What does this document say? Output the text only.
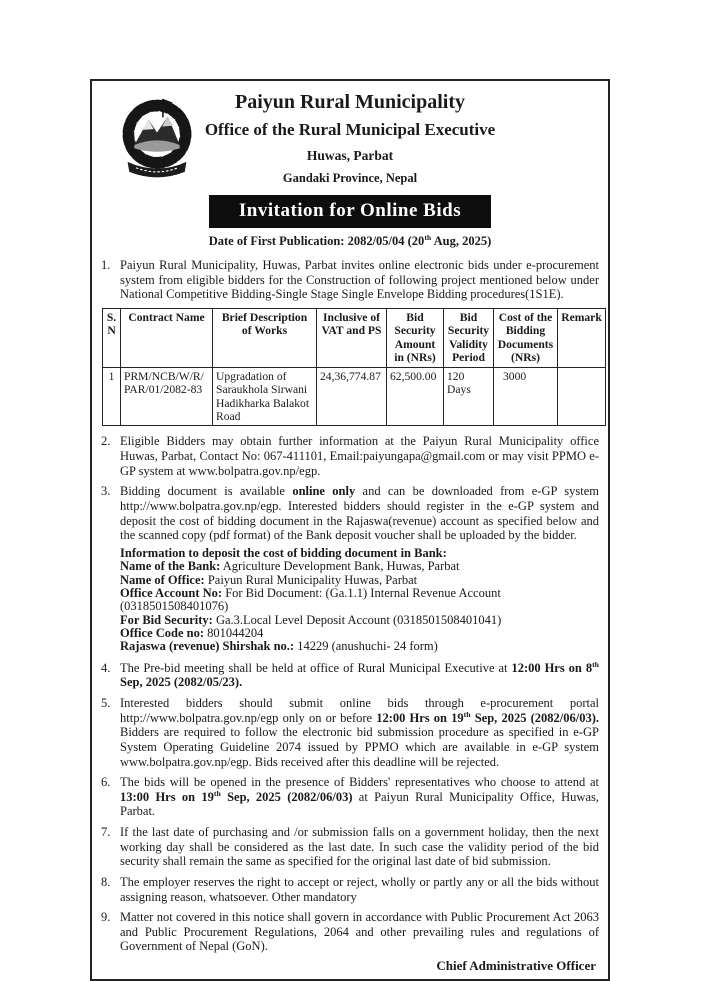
Paiyun Rural Municipality
Office of the Rural Municipal Executive
Huwas, Parbat
Gandaki Province, Nepal
Invitation for Online Bids
Date of First Publication: 2082/05/04 (20th Aug, 2025)
1. Paiyun Rural Municipality, Huwas, Parbat invites online electronic bids under e-procurement system from eligible bidders for the Construction of following project mentioned below under National Competitive Bidding-Single Stage Single Envelope Bidding procedures(1S1E).
S. N	Contract Name	Brief Description of Works	Inclusive of VAT and PS	Bid Security Amount in (NRs)	Bid Security Validity Period	Cost of the Bidding Documents (NRs)	Remark
1	PRM/NCB/W/R/ PAR/01/2082-83	Upgradation of Saraukhola Sirwani Hadikharka Balakot Road	24,36,774.87	62,500.00	120 Days	3000	
2. Eligible Bidders may obtain further information at the Paiyun Rural Municipality office Huwas, Parbat, Contact No: 067-411101, Email:paiyungapa@gmail.com or may visit PPMO e-GP system at www.bolpatra.gov.np/egp.
3. Bidding document is available online only and can be downloaded from e-GP system http://www.bolpatra.gov.np/egp. Interested bidders should register in the e-GP system and deposit the cost of bidding document in the Rajaswa(revenue) account as specified below and the scanned copy (pdf format) of the Bank deposit voucher shall be uploaded by the bidder.
Information to deposit the cost of bidding document in Bank:
Name of the Bank: Agriculture Development Bank, Huwas, Parbat
Name of Office: Paiyun Rural Municipality Huwas, Parbat
Office Account No: For Bid Document: (Ga.1.1) Internal Revenue Account (0318501508401076)
For Bid Security: Ga.3.Local Level Deposit Account (0318501508401041)
Office Code no: 801044204
Rajaswa (revenue) Shirshak no.: 14229 (anushuchi- 24 form)
4. The Pre-bid meeting shall be held at office of Rural Municipal Executive at 12:00 Hrs on 8th Sep, 2025 (2082/05/23).
5. Interested bidders should submit online bids through e-procurement portal http://www.bolpatra.gov.np/egp only on or before 12:00 Hrs on 19th Sep, 2025 (2082/06/03). Bidders are required to follow the electronic bid submission procedure as specified in e-GP System Operating Guideline 2074 issued by PPMO which are available in e-GP system www.bolpatra.gov.np/egp. Bids received after this deadline will be rejected.
6. The bids will be opened in the presence of Bidders' representatives who choose to attend at 13:00 Hrs on 19th Sep, 2025 (2082/06/03) at Paiyun Rural Municipality Office, Huwas, Parbat.
7. If the last date of purchasing and /or submission falls on a government holiday, then the next working day shall be considered as the last date. In such case the validity period of the bid security shall remain the same as specified for the original last date of bid submission.
8. The employer reserves the right to accept or reject, wholly or partly any or all the bids without assigning reason, whatsoever. Other mandatory
9. Matter not covered in this notice shall govern in accordance with Public Procurement Act 2063 and Public Procurement Regulations, 2064 and other prevailing rules and regulations of Government of Nepal (GoN).
Chief Administrative Officer
